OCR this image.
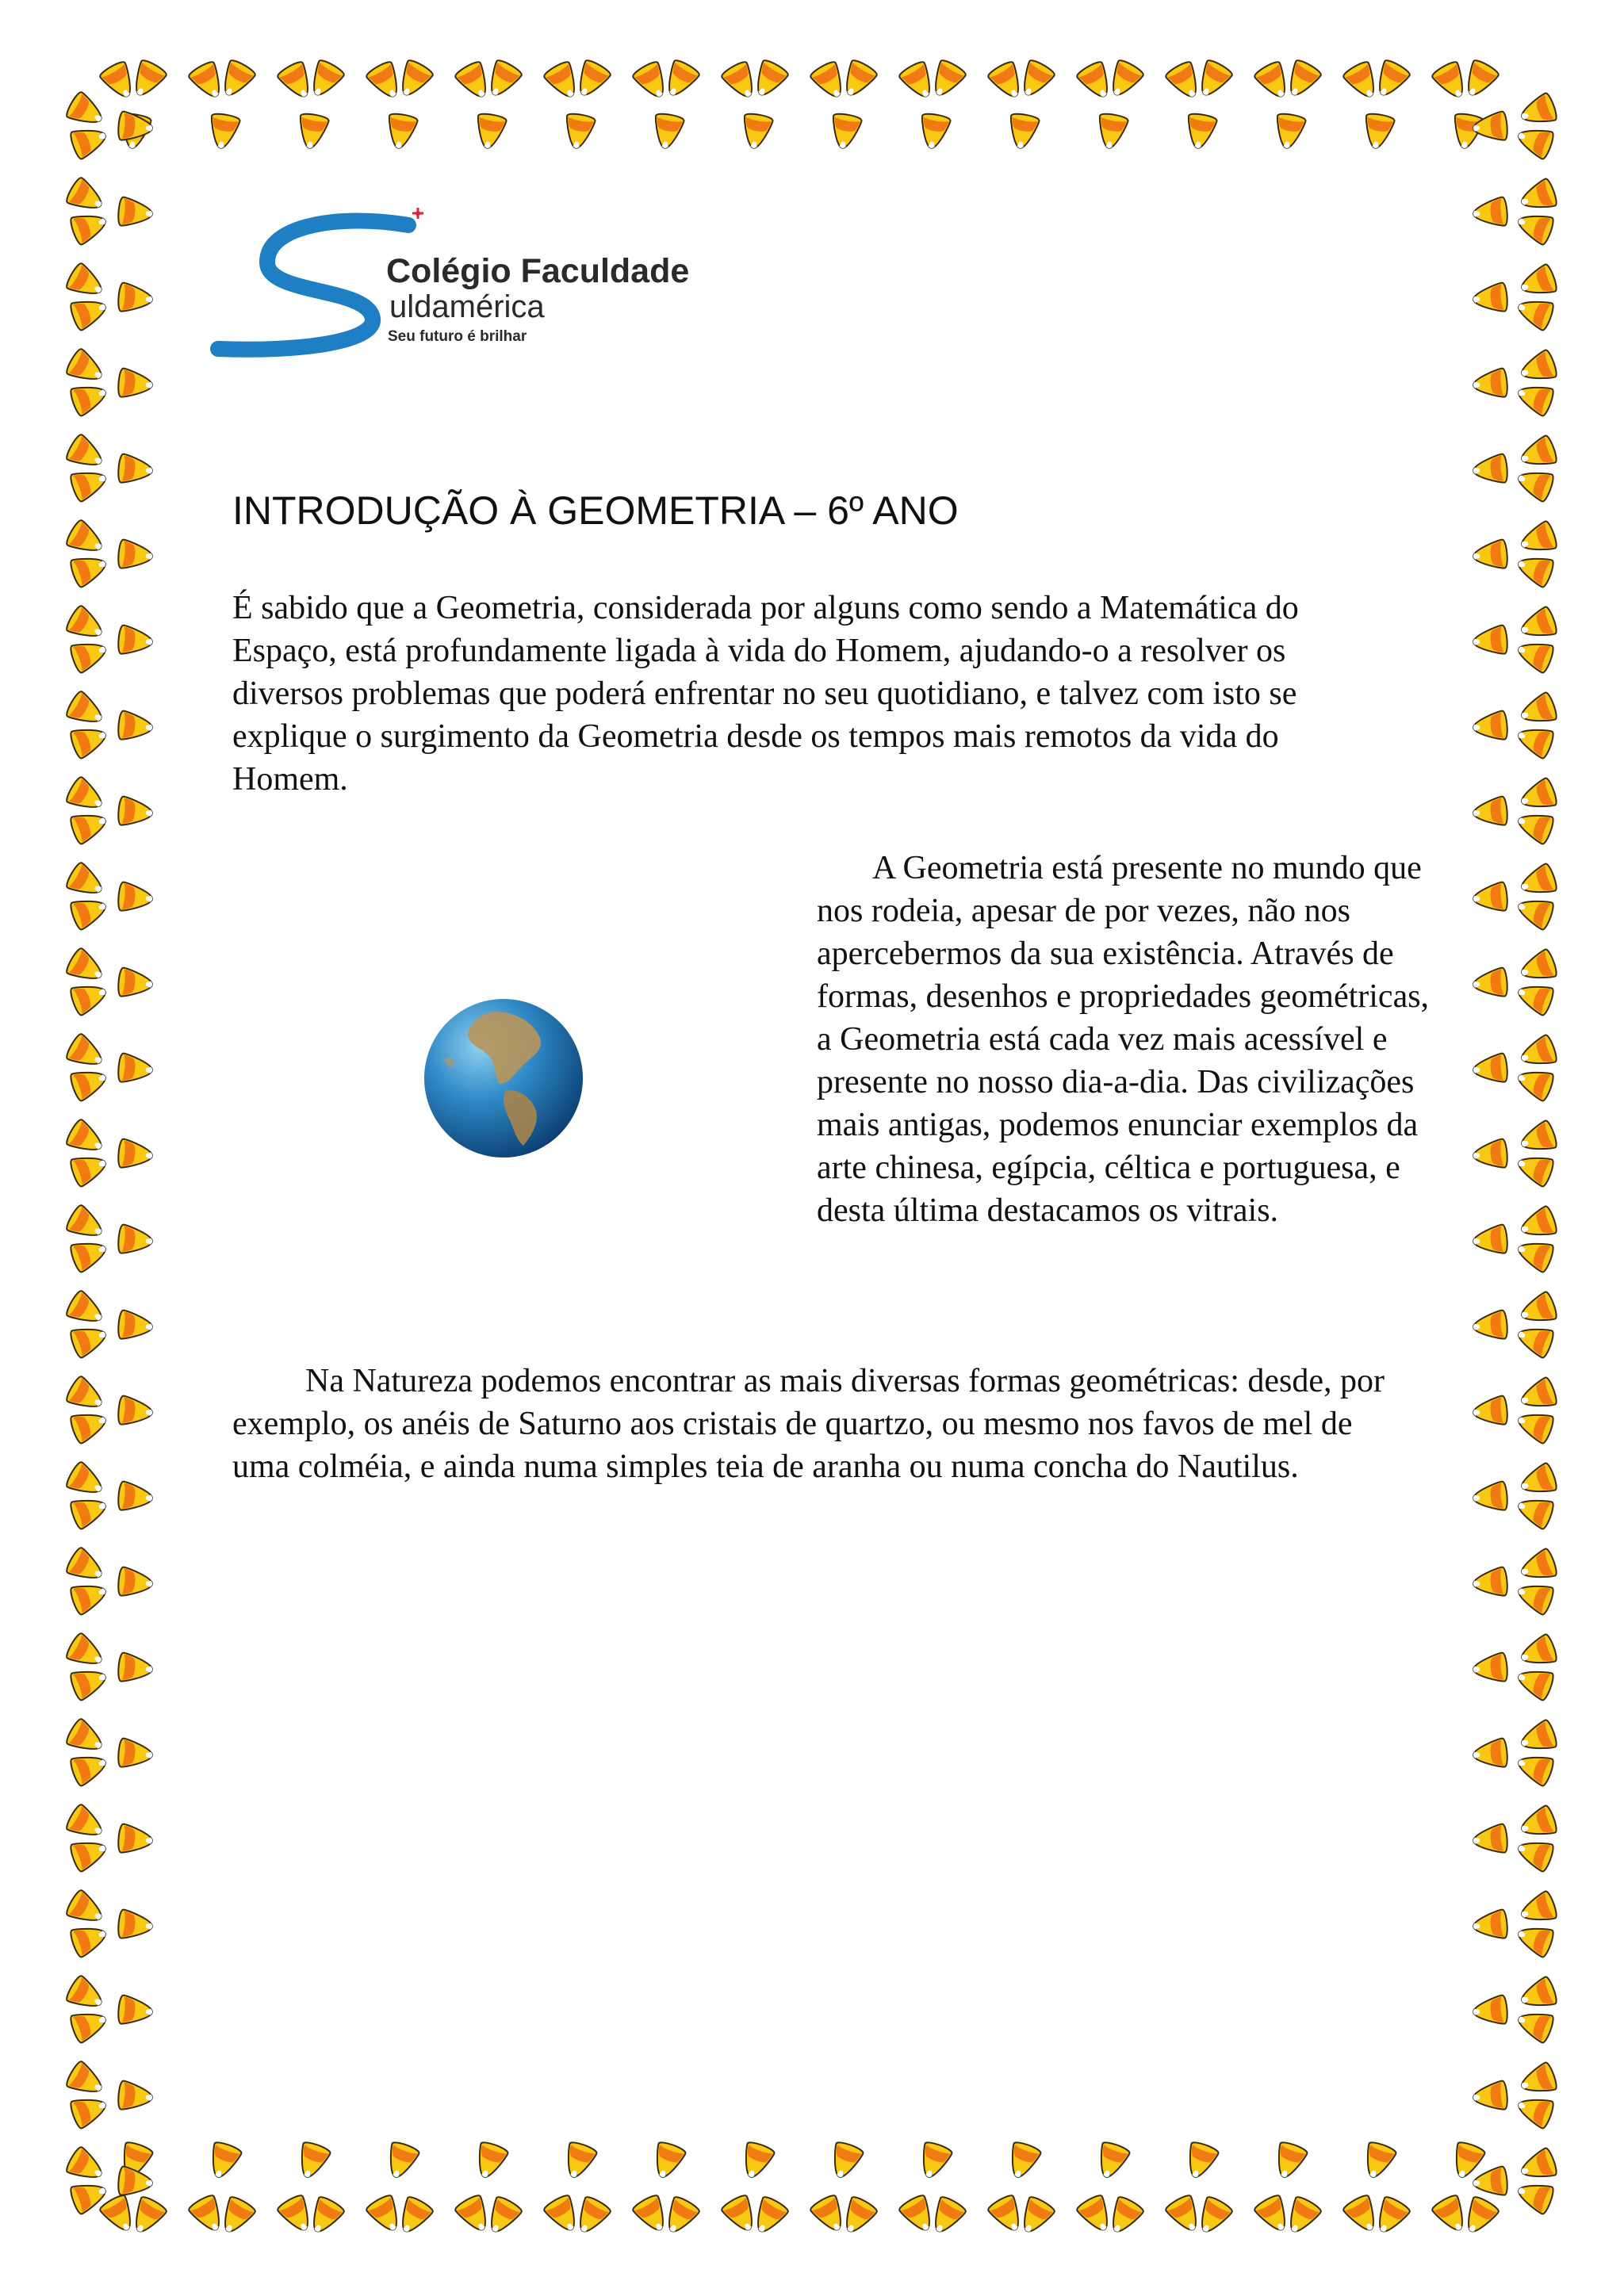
Colégio Faculdade

uldamérica

Seu futuro é brilhar

INTRODUÇÃO À GEOMETRIA – 6º ANO

É sabido que a Geometria, considerada por alguns como sendo a Matemática do Espaço, está profundamente ligada à vida do Homem, ajudando-o a resolver os diversos problemas que poderá enfrentar no seu quotidiano, e talvez com isto se explique o surgimento da Geometria desde os tempos mais remotos da vida do Homem.

A Geometria está presente no mundo que nos rodeia, apesar de por vezes, não nos apercebermos da sua existência. Através de formas, desenhos e propriedades geométricas, a Geometria está cada vez mais acessível e presente no nosso dia-a-dia. Das civilizações mais antigas, podemos enunciar exemplos da arte chinesa, egípcia, céltica e portuguesa, e desta última destacamos os vitrais.

Na Natureza podemos encontrar as mais diversas formas geométricas: desde, por exemplo, os anéis de Saturno aos cristais de quartzo, ou mesmo nos favos de mel de uma colméia, e ainda numa simples teia de aranha ou numa concha do Nautilus.
